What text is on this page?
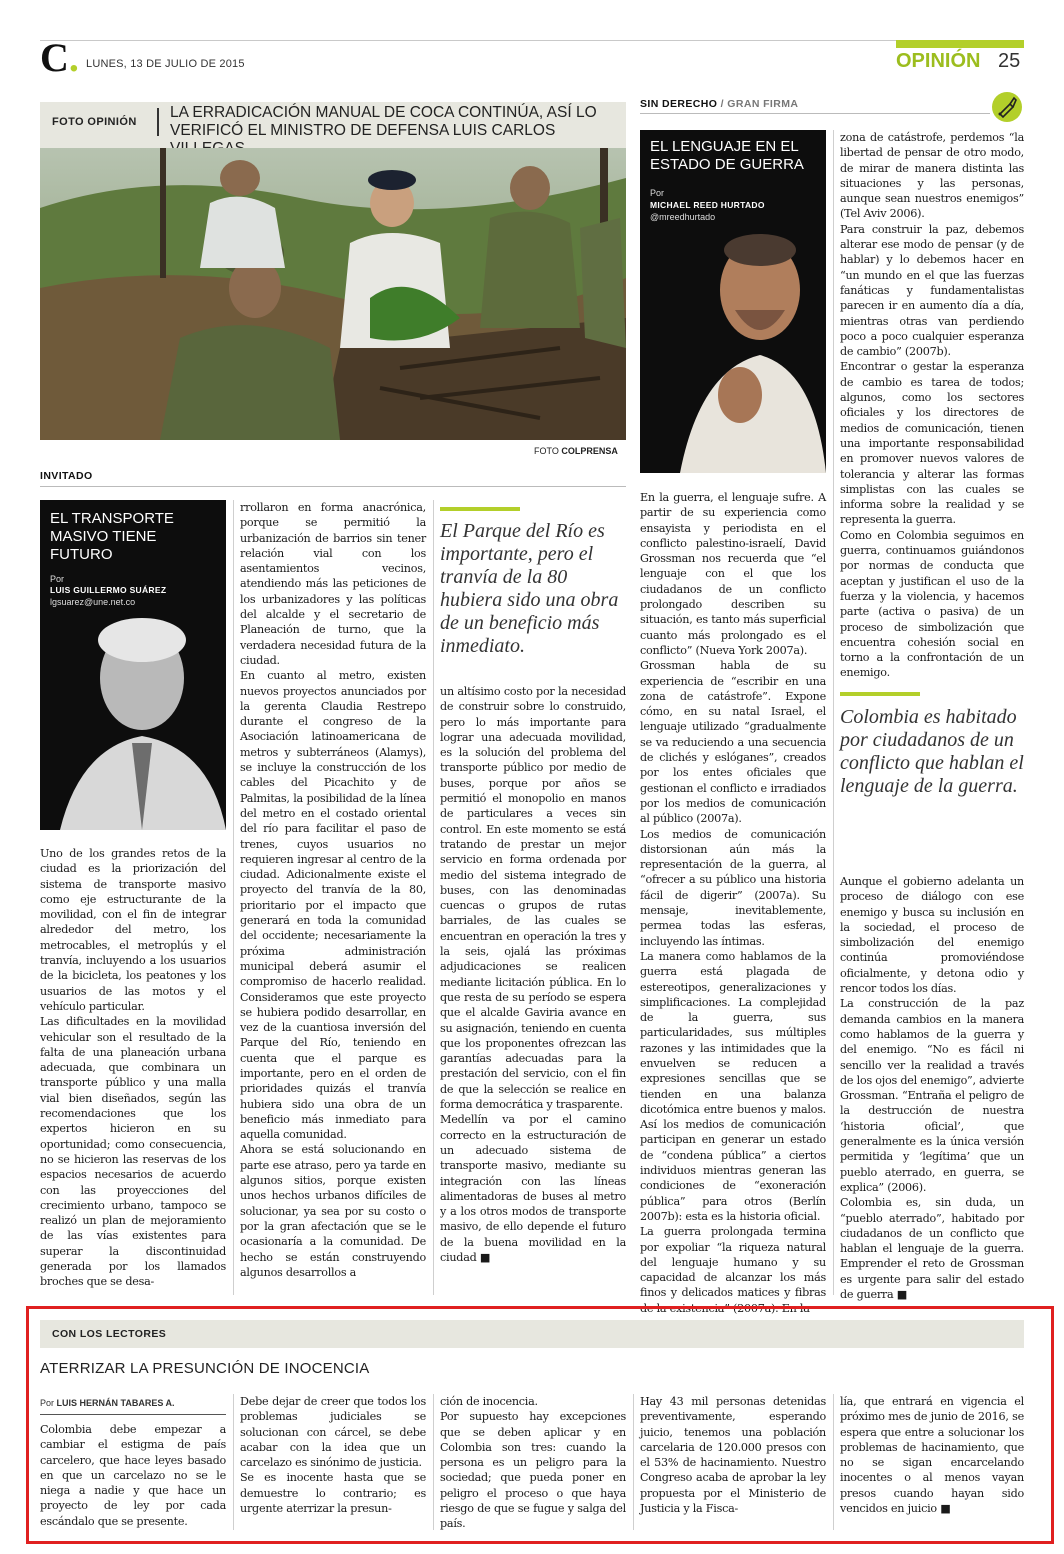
C. LUNES, 13 DE JULIO DE 2015	OPINIÓN 25
FOTO OPINIÓN
LA ERRADICACIÓN MANUAL DE COCA CONTINÚA, ASÍ LO VERIFICÓ EL MINISTRO DE DEFENSA LUIS CARLOS
FOTO COLPRENSA
INVITADO
EL TRANSPORTE MASIVO TIENE FUTURO
Por
LUIS GUILLERMO SUÁREZ
lgsuarez@une.net.co
Uno de los grandes retos de la ciudad es la priorización del sistema de transporte masivo como eje estructurante de la movilidad, con el fin de integrar alrededor del metro, los metrocables, el metroplús y el tranvía, incluyendo a los usuarios de la bicicleta, los peatones y los usuarios de las motos y el vehículo particular.
Las dificultades en la movilidad vehicular son el resultado de la falta de una planeación urbana adecuada, que combinara un transporte público y una malla vial bien diseñados, según las recomendaciones que los expertos hicieron en su oportunidad; como consecuencia, no se hicieron las reservas de los espacios necesarios de acuerdo con las proyecciones del crecimiento urbano, tampoco se realizó un plan de mejoramiento de las vías existentes para superar la discontinuidad generada por los llamados broches que se desa-
rrollaron en forma anacrónica, porque se permitió la urbanización de barrios sin tener relación vial con los asentamientos vecinos, atendiendo más las peticiones de los urbanizadores y las políticas del alcalde y el secretario de Planeación de turno, que la verdadera necesidad futura de la ciudad.
En cuanto al metro, existen nuevos proyectos anunciados por la gerenta Claudia Restrepo durante el congreso de la Asociación latinoamericana de metros y subterráneos (Alamys), se incluye la construcción de los cables del Picachito y de Palmitas, la posibilidad de la línea del metro en el costado oriental del río para facilitar el paso de trenes, cuyos usuarios no requieren ingresar al centro de la ciudad. Adicionalmente existe el proyecto del tranvía de la 80, prioritario por el impacto que generará en toda la comunidad del occidente; necesariamente la próxima administración municipal deberá asumir el compromiso de hacerlo realidad. Consideramos que este proyecto se hubiera podido desarrollar, en vez de la cuantiosa inversión del Parque del Río, teniendo en cuenta que el parque es importante, pero en el orden de prioridades quizás el tranvía hubiera sido una obra de un beneficio más inmediato para aquella comunidad.
Ahora se está solucionando en parte ese atraso, pero ya tarde en algunos sitios, porque existen unos hechos urbanos difíciles de solucionar, ya sea por su costo o por la gran afectación que se le ocasionaría a la comunidad. De hecho se están construyendo algunos desarrollos a
El Parque del Río es importante, pero el tranvía de la 80 hubiera sido una obra de un beneficio más inmediato.
un altísimo costo por la necesidad de construir sobre lo construido, pero lo más importante para lograr una adecuada movilidad, es la solución del problema del transporte público por medio de buses, porque por años se permitió el monopolio en manos de particulares a veces sin control. En este momento se está tratando de prestar un mejor servicio en forma ordenada por medio del sistema integrado de buses, con las denominadas cuencas o grupos de rutas barriales, de las cuales se encuentran en operación la tres y la seis, ojalá las próximas adjudicaciones se realicen mediante licitación pública. En lo que resta de su período se espera que el alcalde Gaviria avance en su asignación, teniendo en cuenta que los proponentes ofrezcan las garantías adecuadas para la prestación del servicio, con el fin de que la selección se realice en forma democrática y trasparente.
Medellín va por el camino correcto en la estructuración de un adecuado sistema de transporte masivo, mediante su integración con las líneas alimentadoras de buses al metro y a los otros modos de transporte masivo, de ello depende el futuro de la buena movilidad en la ciudad ■
SIN DERECHO / GRAN FIRMA
EL LENGUAJE EN EL ESTADO DE GUERRA
Por
MICHAEL REED HURTADO
@mreedhurtado
En la guerra, el lenguaje sufre. A partir de su experiencia como ensayista y periodista en el conflicto palestino-israelí, David Grossman nos recuerda que “el lenguaje con el que los ciudadanos de un conflicto prolongado describen su situación, es tanto más superficial cuanto más prolongado es el conflicto” (Nueva York 2007a).
Grossman habla de su experiencia de “escribir en una zona de catástrofe”. Expone cómo, en su natal Israel, el lenguaje utilizado “gradualmente se va reduciendo a una secuencia de clichés y eslóganes”, creados por los entes oficiales que gestionan el conflicto e irradiados por los medios de comunicación al público (2007a).
Los medios de comunicación distorsionan aún más la representación de la guerra, al “ofrecer a su público una historia fácil de digerir” (2007a). Su mensaje, inevitablemente, permea todas las esferas, incluyendo las íntimas.
La manera como hablamos de la guerra está plagada de estereotipos, generalizaciones y simplificaciones. La complejidad de la guerra, sus particularidades, sus múltiples razones y las intimidades que la envuelven se reducen a expresiones sencillas que se tienden en una balanza dicotómica entre buenos y malos. Así los medios de comunicación participan en generar un estado de “condena pública” a ciertos individuos mientras generan las condiciones de “exoneración pública” para otros (Berlín 2007b): esta es la historia oficial.
La guerra prolongada termina por expoliar “la riqueza natural del lenguaje humano y su capacidad de alcanzar los más finos y delicados matices y fibras de la existencia” (2007a). En la
zona de catástrofe, perdemos “la libertad de pensar de otro modo, de mirar de manera distinta las situaciones y las personas, aunque sean nuestros enemigos” (Tel Aviv 2006).
Para construir la paz, debemos alterar ese modo de pensar (y de hablar) y lo debemos hacer en “un mundo en el que las fuerzas fanáticas y fundamentalistas parecen ir en aumento día a día, mientras otras van perdiendo poco a poco cualquier esperanza de cambio” (2007b).
Encontrar o gestar la esperanza de cambio es tarea de todos; algunos, como los sectores oficiales y los directores de medios de comunicación, tienen una importante responsabilidad en promover nuevos valores de tolerancia y alterar las formas simplistas con las cuales se informa sobre la realidad y se representa la guerra.
Como en Colombia seguimos en guerra, continuamos guiándonos por normas de conducta que aceptan y justifican el uso de la fuerza y la violencia, y hacemos parte (activa o pasiva) de un proceso de simbolización que encuentra cohesión social en torno a la confrontación de un enemigo.
Colombia es habitado por ciudadanos de un conflicto que hablan el lenguaje de la guerra.
Aunque el gobierno adelanta un proceso de diálogo con ese enemigo y busca su inclusión en la sociedad, el proceso de simbolización del enemigo continúa promoviéndose oficialmente, y detona odio y rencor todos los días.
La construcción de la paz demanda cambios en la manera como hablamos de la guerra y del enemigo. “No es fácil ni sencillo ver la realidad a través de los ojos del enemigo”, advierte Grossman. “Entraña el peligro de la destrucción de nuestra ‘historia oficial’, que generalmente es la única versión permitida y ‘legítima’ que un pueblo aterrado, en guerra, se explica” (2006).
Colombia es, sin duda, un “pueblo aterrado”, habitado por ciudadanos de un conflicto que hablan el lenguaje de la guerra. Emprender el reto de Grossman es urgente para salir del estado de guerra ■
CON LOS LECTORES
ATERRIZAR LA PRESUNCIÓN DE INOCENCIA
Por LUIS HERNÁN TABARES A.
Colombia debe empezar a cambiar el estigma de país carcelero, que hace leyes basado en que un carcelazo no se le niega a nadie y que hace un proyecto de ley por cada escándalo que se presente.
Debe dejar de creer que todos los problemas judiciales se solucionan con cárcel, se debe acabar con la idea que un carcelazo es sinónimo de justicia.
Se es inocente hasta que se demuestre lo contrario; es urgente aterrizar la presun-
ción de inocencia.
Por supuesto hay excepciones que se deben aplicar y en Colombia son tres: cuando la persona es un peligro para la sociedad; que pueda poner en peligro el proceso o que haya riesgo de que se fugue y salga del país.
Hay 43 mil personas detenidas preventivamente, esperando juicio, tenemos una población carcelaria de 120.000 presos con el 53% de hacinamiento. Nuestro Congreso acaba de aprobar la ley propuesta por el Ministerio de Justicia y la Fisca-
lía, que entrará en vigencia el próximo mes de junio de 2016, se espera que entre a solucionar los problemas de hacinamiento, que no se sigan encarcelando inocentes o al menos vayan presos cuando hayan sido vencidos en juicio ■
